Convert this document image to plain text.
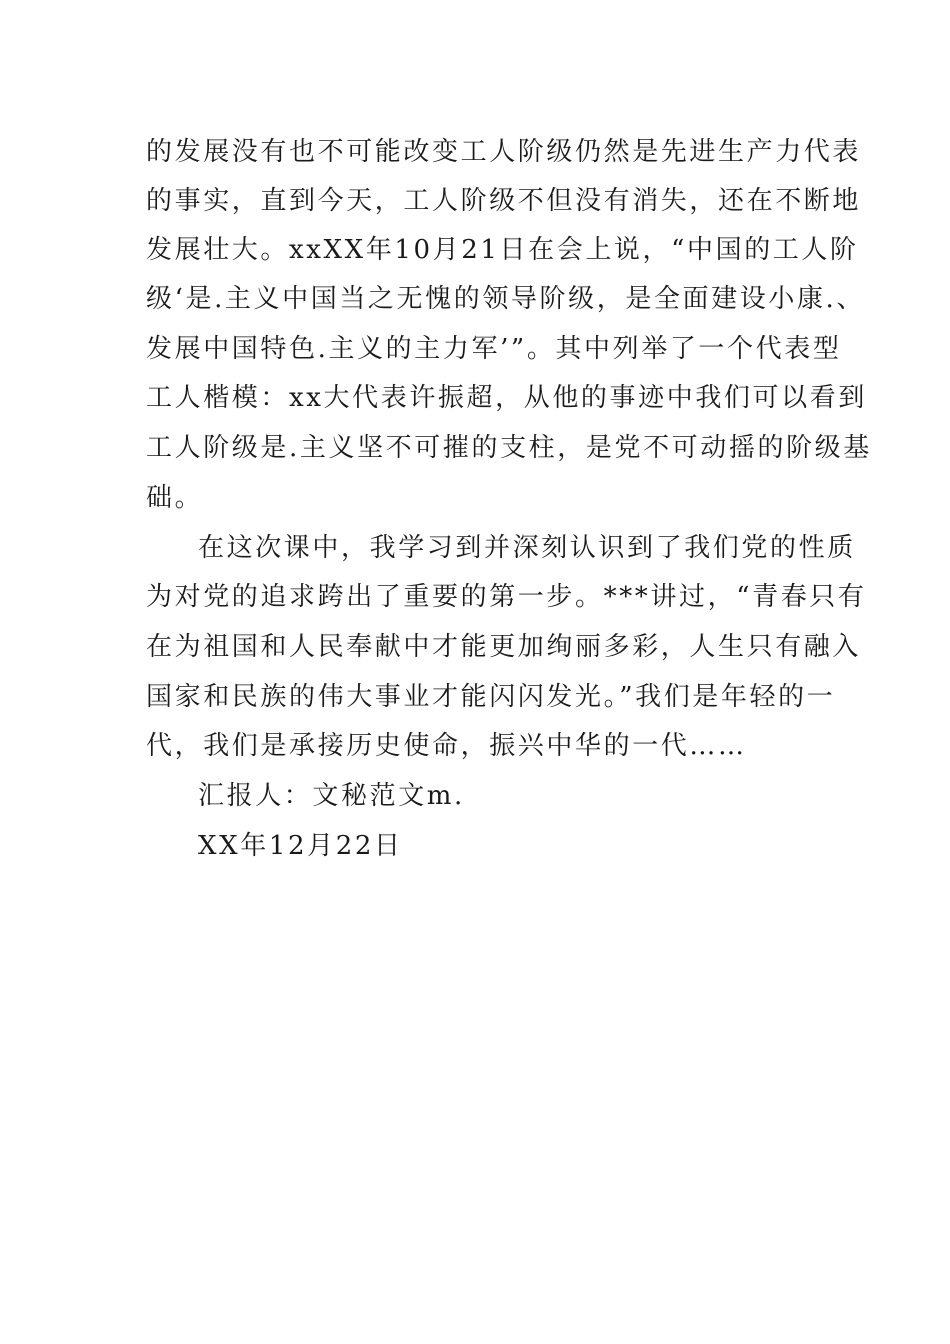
的发展没有也不可能改变工人阶级仍然是先进生产力代表
的事实，直到今天，工人阶级不但没有消失，还在不断地
发展壮大。xxXX年10月21日在会上说，“中国的工人阶
级‘是.主义中国当之无愧的领导阶级，是全面建设小康.、
发展中国特色.主义的主力军’”。其中列举了一个代表型
工人楷模：xx大代表许振超，从他的事迹中我们可以看到
工人阶级是.主义坚不可摧的支柱，是党不可动摇的阶级基
础。
在这次课中，我学习到并深刻认识到了我们党的性质
为对党的追求跨出了重要的第一步。***讲过，“青春只有
在为祖国和人民奉献中才能更加绚丽多彩，人生只有融入
国家和民族的伟大事业才能闪闪发光。”我们是年轻的一
代，我们是承接历史使命，振兴中华的一代……
汇报人：文秘范文m.
XX年12月22日
